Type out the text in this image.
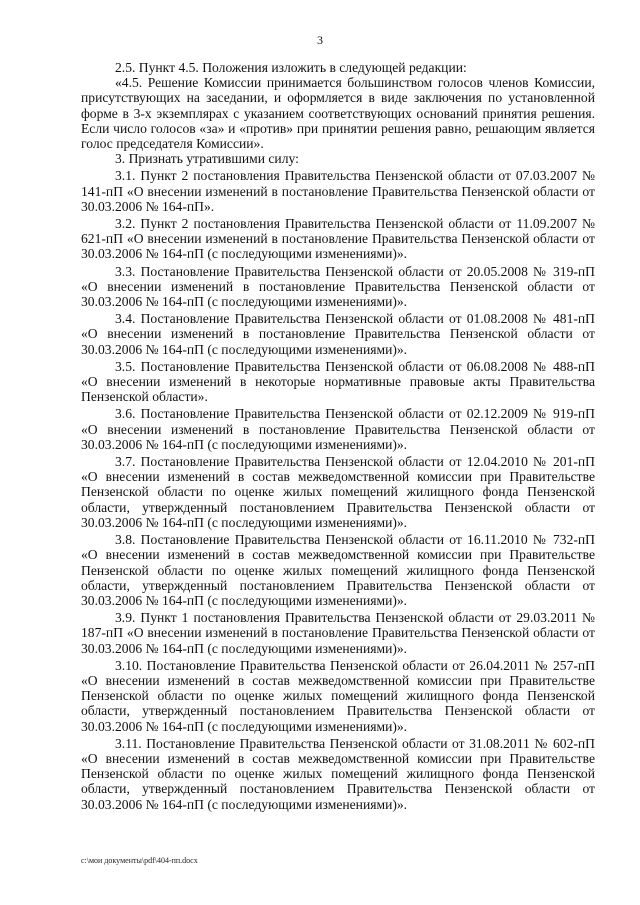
3

2.5. Пункт 4.5. Положения изложить в следующей редакции:

«4.5. Решение Комиссии принимается большинством голосов членов Комиссии, присутствующих на заседании, и оформляется в виде заключения по установленной форме в 3-х экземплярах с указанием соответствующих оснований принятия решения. Если число голосов «за» и «против» при принятии решения равно, решающим является голос председателя Комиссии».

3. Признать утратившими силу:

3.1. Пункт 2 постановления Правительства Пензенской области от 07.03.2007 № 141-пП «О внесении изменений в постановление Правительства Пензенской области от 30.03.2006 № 164-пП».

3.2. Пункт 2 постановления Правительства Пензенской области от 11.09.2007 № 621-пП «О внесении изменений в постановление Правительства Пензенской области от 30.03.2006 № 164-пП (с последующими изменениями)».

3.3. Постановление Правительства Пензенской области от 20.05.2008 № 319-пП «О внесении изменений в постановление Правительства Пензенской области от 30.03.2006 № 164-пП (с последующими изменениями)».

3.4. Постановление Правительства Пензенской области от 01.08.2008 № 481-пП «О внесении изменений в постановление Правительства Пензенской области от 30.03.2006 № 164-пП (с последующими изменениями)».

3.5. Постановление Правительства Пензенской области от 06.08.2008 № 488-пП «О внесении изменений в некоторые нормативные правовые акты Правительства Пензенской области».

3.6. Постановление Правительства Пензенской области от 02.12.2009 № 919-пП «О внесении изменений в постановление Правительства Пензенской области от 30.03.2006 № 164-пП (с последующими изменениями)».

3.7. Постановление Правительства Пензенской области от 12.04.2010 № 201-пП «О внесении изменений в состав межведомственной комиссии при Правительстве Пензенской области по оценке жилых помещений жилищного фонда Пензенской области, утвержденный постановлением Правительства Пензенской области от 30.03.2006 № 164-пП (с последующими изменениями)».

3.8. Постановление Правительства Пензенской области от 16.11.2010 № 732-пП «О внесении изменений в состав межведомственной комиссии при Правительстве Пензенской области по оценке жилых помещений жилищного фонда Пензенской области, утвержденный постановлением Правительства Пензенской области от 30.03.2006 № 164-пП (с последующими изменениями)».

3.9. Пункт 1 постановления Правительства Пензенской области от 29.03.2011 № 187-пП «О внесении изменений в постановление Правительства Пензенской области от 30.03.2006 № 164-пП (с последующими изменениями)».

3.10. Постановление Правительства Пензенской области от 26.04.2011 № 257-пП «О внесении изменений в состав межведомственной комиссии при Правительстве Пензенской области по оценке жилых помещений жилищного фонда Пензенской области, утвержденный постановлением Правительства Пензенской области от 30.03.2006 № 164-пП (с последующими изменениями)».

3.11. Постановление Правительства Пензенской области от 31.08.2011 № 602-пП «О внесении изменений в состав межведомственной комиссии при Правительстве Пензенской области по оценке жилых помещений жилищного фонда Пензенской области, утвержденный постановлением Правительства Пензенской области от 30.03.2006 № 164-пП (с последующими изменениями)».

c:\мои документы\pdf\404-пп.docx
